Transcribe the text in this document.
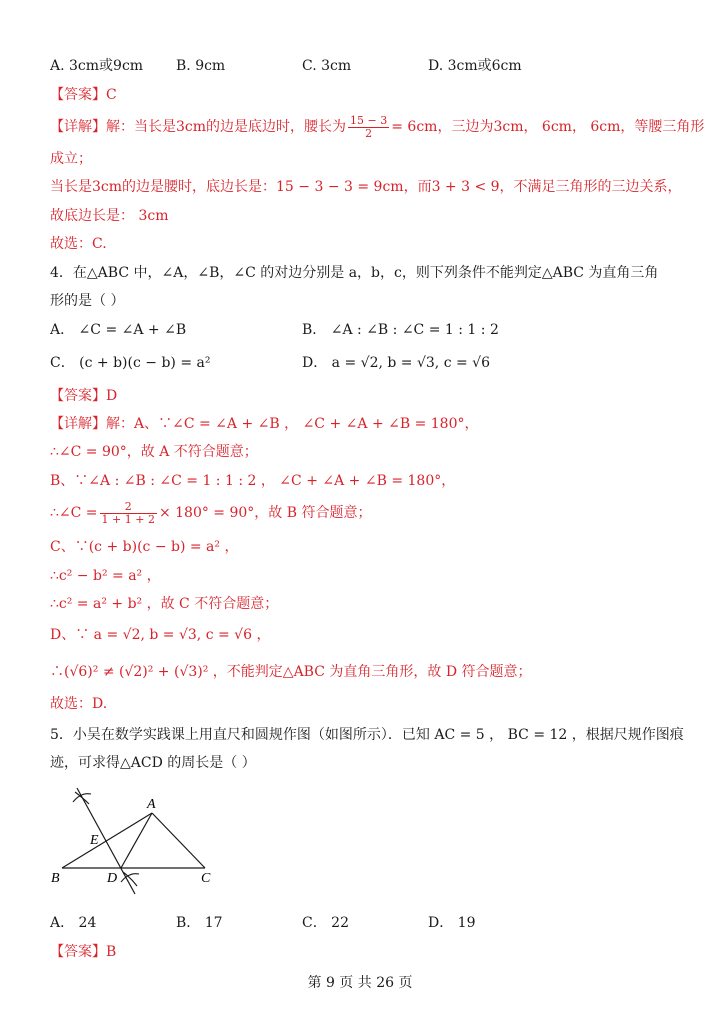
A. 3cm或9cm B. 9cm	C. 3cm	D. 3cm或6cm
【答案】C
【详解】解：当长是3cm的边是底边时，腰长为 $\frac{15 - 3}{2} = 6cm$，三边为3cm， 6cm， 6cm，等腰三角形
成立；
当长是3cm的边是腰时，底边长是：15 − 3 − 3 = 9cm，而3 + 3 < 9，不满足三角形的三边关系，
故底边长是： 3cm
故选：C.
4．在△ABC 中，∠A，∠B，∠C 的对边分别是 a，b，c，则下列条件不能判定△ABC 为直角三角
形的是（ ）
A． ∠C = ∠A + ∠B	B． ∠A : ∠B : ∠C = 1 : 1 : 2
C． (c + b)(c − b) = a²	D． a = √2, b = √3, c = √6
【答案】D
【详解】解：A、∵∠C = ∠A + ∠B ， ∠C + ∠A + ∠B = 180°，
∴∠C = 90°，故 A 不符合题意；
B、∵∠A : ∠B : ∠C = 1 : 1 : 2 ， ∠C + ∠A + ∠B = 180°，
∴∠C = $\frac{2}{1 + 1 + 2} \times 180^\circ = 90^\circ$，故 B 符合题意；
C、∵(c + b)(c − b) = a² ，
∴c² − b² = a² ，
∴c² = a² + b² ，故 C 不符合题意；
D、∵ a = √2, b = √3, c = √6 ，
∴(√6)² ≠ (√2)² + (√3)² ，不能判定△ABC 为直角三角形，故 D 符合题意；
故选：D.
5．小吴在数学实践课上用直尺和圆规作图（如图所示）．已知 AC = 5 ， BC = 12 ，根据尺规作图痕
迹，可求得△ACD 的周长是（ ）
A
E
B	D	C
A． 24	B． 17	C． 22	D． 19
【答案】B
第 9 页 共 26 页
